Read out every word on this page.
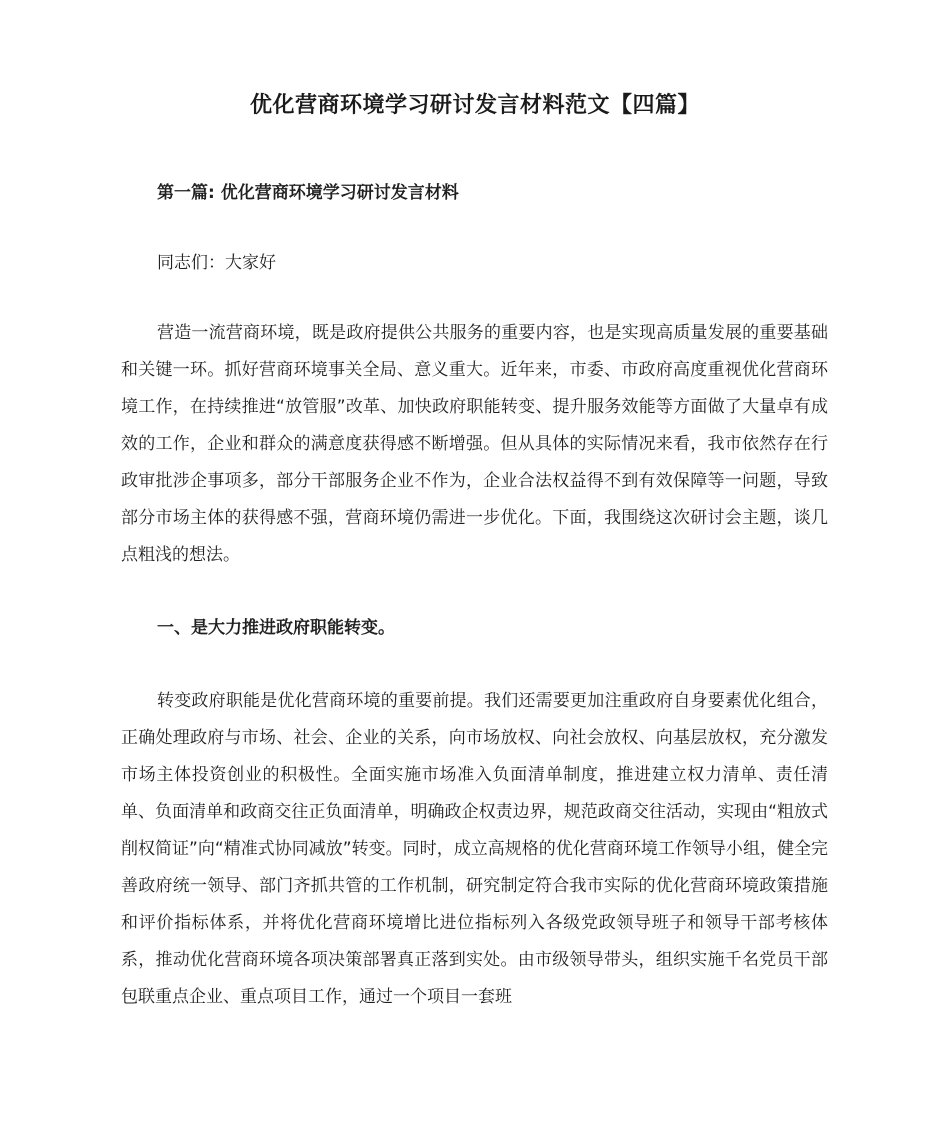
优化营商环境学习研讨发言材料范文【四篇】

第一篇: 优化营商环境学习研讨发言材料

同志们：大家好

营造一流营商环境，既是政府提供公共服务的重要内容，也是实现高质量发展的重要基础和关键一环。抓好营商环境事关全局、意义重大。近年来，市委、市政府高度重视优化营商环境工作，在持续推进“放管服”改革、加快政府职能转变、提升服务效能等方面做了大量卓有成效的工作，企业和群众的满意度获得感不断增强。但从具体的实际情况来看，我市依然存在行政审批涉企事项多，部分干部服务企业不作为，企业合法权益得不到有效保障等一问题，导致部分市场主体的获得感不强，营商环境仍需进一步优化。下面，我围绕这次研讨会主题，谈几点粗浅的想法。

一、是大力推进政府职能转变。

转变政府职能是优化营商环境的重要前提。我们还需要更加注重政府自身要素优化组合，正确处理政府与市场、社会、企业的关系，向市场放权、向社会放权、向基层放权，充分激发市场主体投资创业的积极性。全面实施市场准入负面清单制度，推进建立权力清单、责任清单、负面清单和政商交往正负面清单，明确政企权责边界，规范政商交往活动，实现由“粗放式削权简证”向“精准式协同减放”转变。同时，成立高规格的优化营商环境工作领导小组，健全完善政府统一领导、部门齐抓共管的工作机制，研究制定符合我市实际的优化营商环境政策措施和评价指标体系，并将优化营商环境增比进位指标列入各级党政领导班子和领导干部考核体系，推动优化营商环境各项决策部署真正落到实处。由市级领导带头，组织实施千名党员干部包联重点企业、重点项目工作，通过一个项目一套班
